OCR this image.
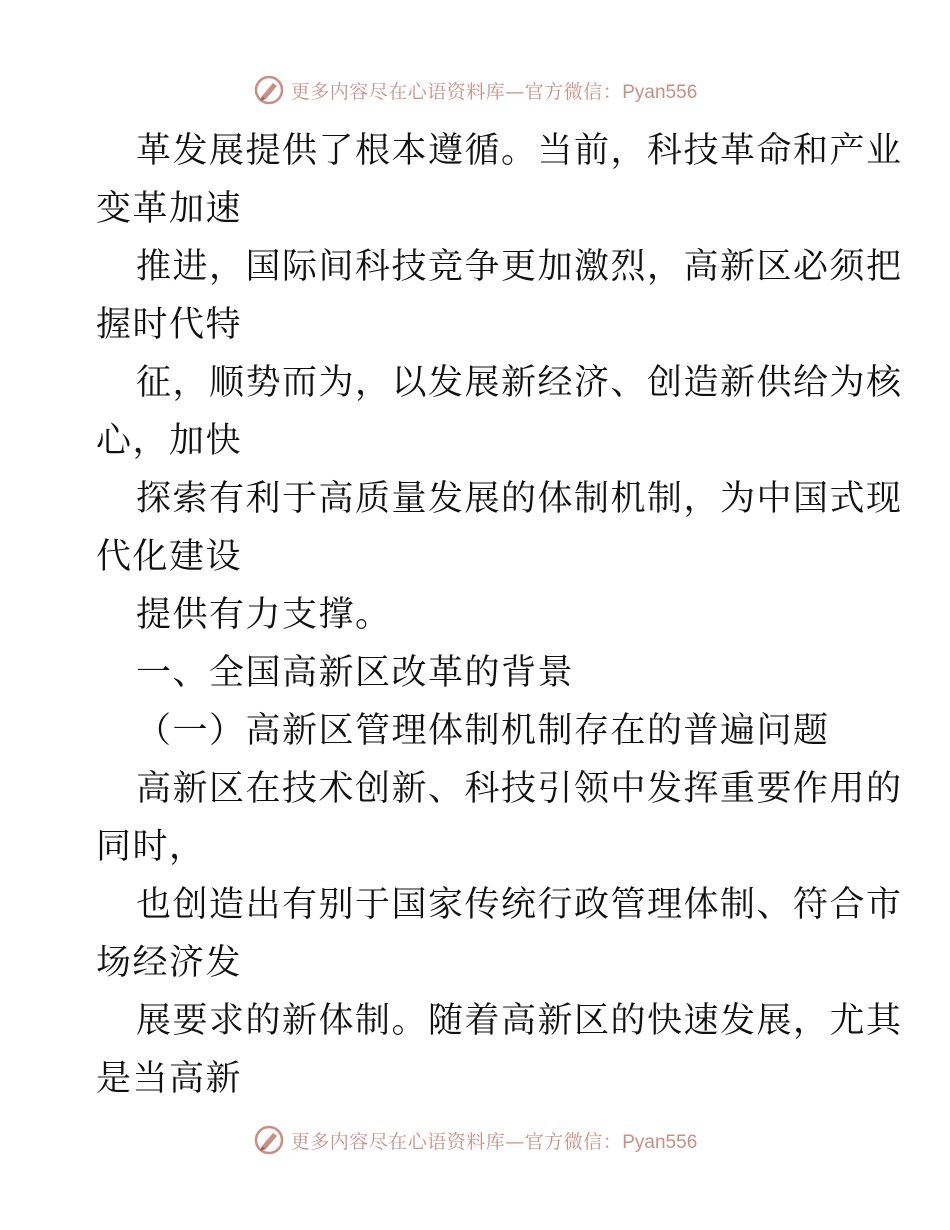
更多内容尽在心语资料库—官方微信：Pyan556
革发展提供了根本遵循。当前，科技革命和产业
变革加速
推进，国际间科技竞争更加激烈，高新区必须把
握时代特
征，顺势而为，以发展新经济、创造新供给为核
心，加快
探索有利于高质量发展的体制机制，为中国式现
代化建设
提供有力支撑。
一、全国高新区改革的背景
（一）高新区管理体制机制存在的普遍问题
高新区在技术创新、科技引领中发挥重要作用的
同时，
也创造出有别于国家传统行政管理体制、符合市
场经济发
展要求的新体制。随着高新区的快速发展，尤其
是当高新
更多内容尽在心语资料库—官方微信：Pyan556
